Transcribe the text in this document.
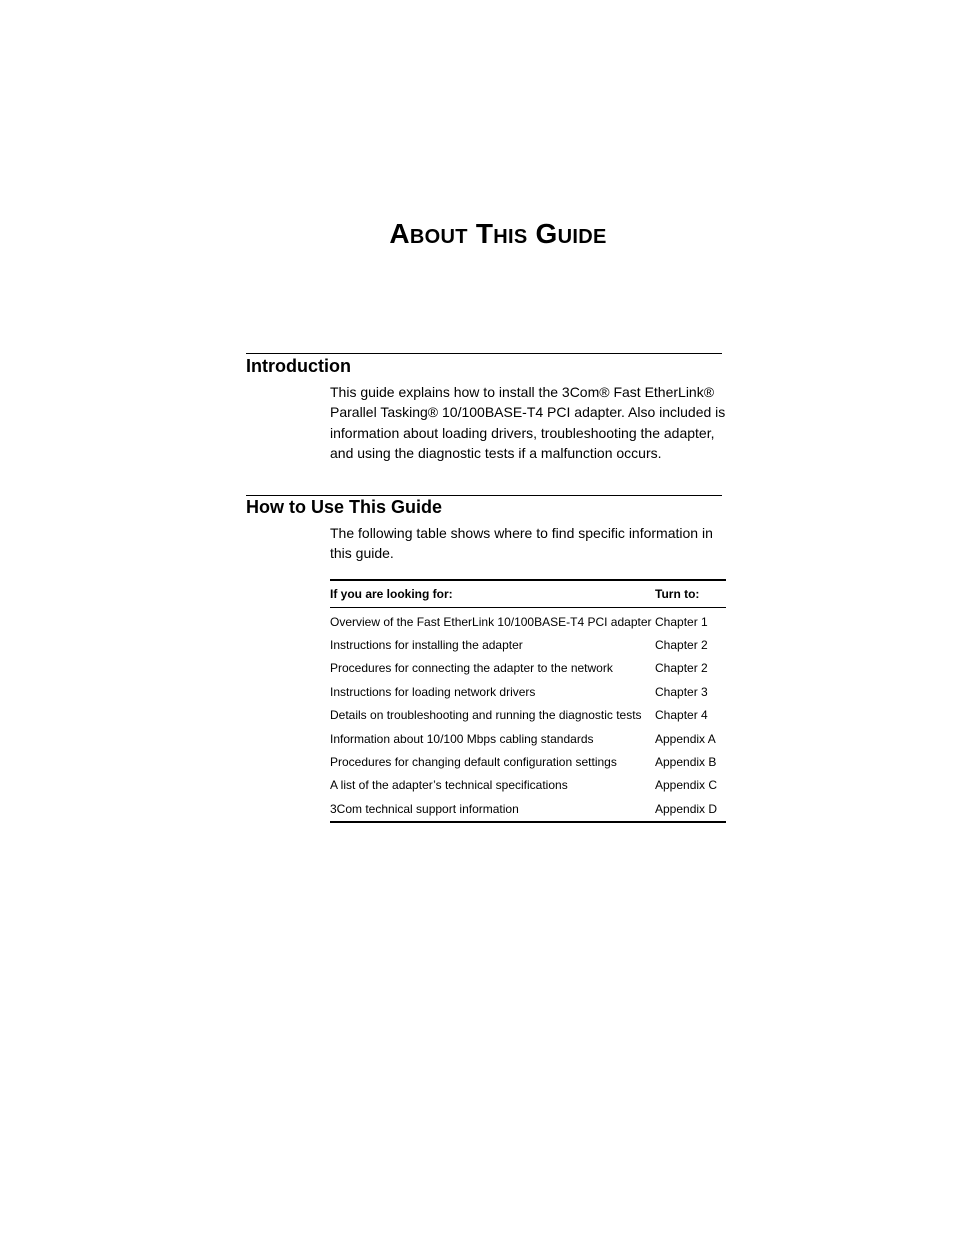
About This Guide
Introduction

This guide explains how to install the 3Com® Fast EtherLink® Parallel Tasking® 10/100BASE-T4 PCI adapter. Also included is information about loading drivers, troubleshooting the adapter, and using the diagnostic tests if a malfunction occurs.

How to Use This Guide

The following table shows where to find specific information in this guide.

If you are looking for:	Turn to:
Overview of the Fast EtherLink 10/100BASE-T4 PCI adapter	Chapter 1
Instructions for installing the adapter	Chapter 2
Procedures for connecting the adapter to the network	Chapter 2
Instructions for loading network drivers	Chapter 3
Details on troubleshooting and running the diagnostic tests	Chapter 4
Information about 10/100 Mbps cabling standards	Appendix A
Procedures for changing default configuration settings	Appendix B
A list of the adapter’s technical specifications	Appendix C
3Com technical support information	Appendix D
